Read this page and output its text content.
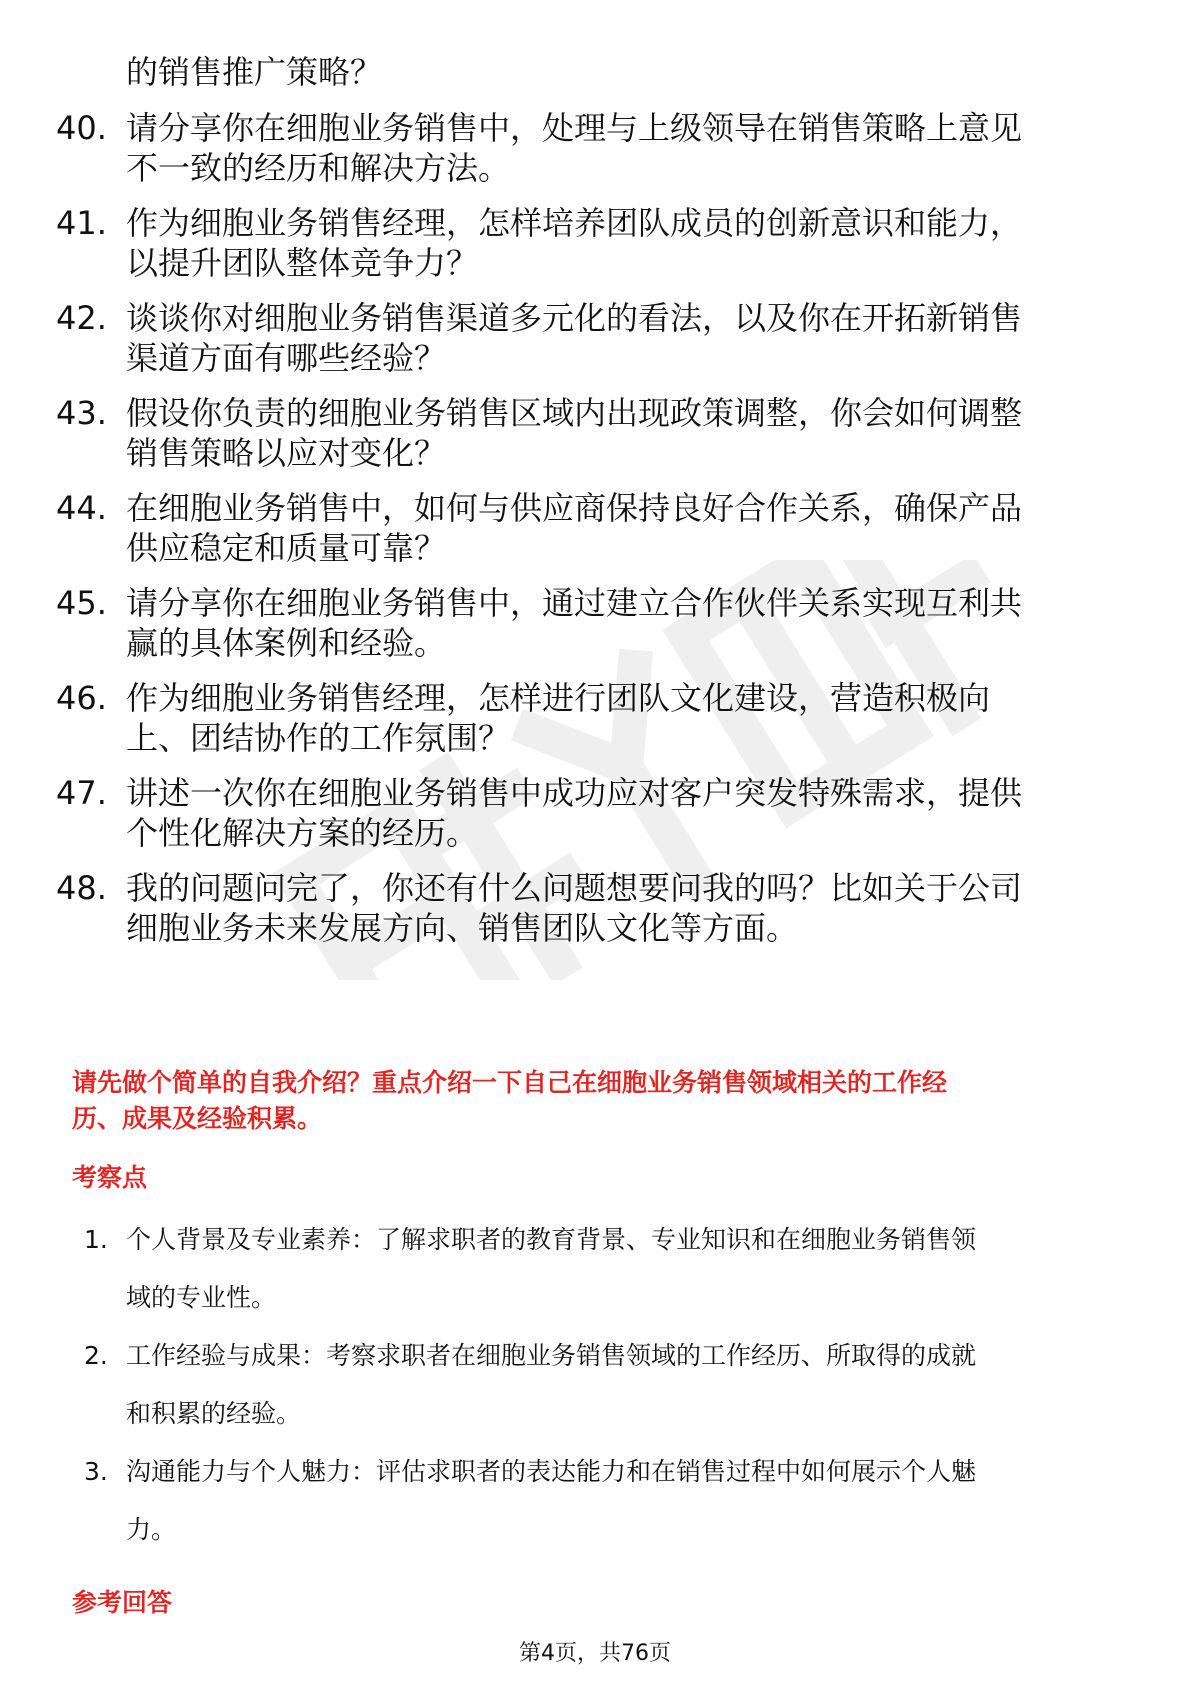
的销售推广策略？
40. 请分享你在细胞业务销售中，处理与上级领导在销售策略上意见
不一致的经历和解决方法。
41. 作为细胞业务销售经理，怎样培养团队成员的创新意识和能力，
以提升团队整体竞争力？
42. 谈谈你对细胞业务销售渠道多元化的看法，以及你在开拓新销售
渠道方面有哪些经验？
43. 假设你负责的细胞业务销售区域内出现政策调整，你会如何调整
销售策略以应对变化？
44. 在细胞业务销售中，如何与供应商保持良好合作关系，确保产品
供应稳定和质量可靠？
45. 请分享你在细胞业务销售中，通过建立合作伙伴关系实现互利共
赢的具体案例和经验。
46. 作为细胞业务销售经理，怎样进行团队文化建设，营造积极向
上、团结协作的工作氛围？
47. 讲述一次你在细胞业务销售中成功应对客户突发特殊需求，提供
个性化解决方案的经历。
48. 我的问题问完了，你还有什么问题想要问我的吗？比如关于公司
细胞业务未来发展方向、销售团队文化等方面。
请先做个简单的自我介绍？重点介绍一下自己在细胞业务销售领域相关的工作经
历、成果及经验积累。
考察点
1. 个人背景及专业素养：了解求职者的教育背景、专业知识和在细胞业务销售领
域的专业性。
2. 工作经验与成果：考察求职者在细胞业务销售领域的工作经历、所取得的成就
和积累的经验。
3. 沟通能力与个人魅力：评估求职者的表达能力和在销售过程中如何展示个人魅
力。
参考回答
第4页，共76页
